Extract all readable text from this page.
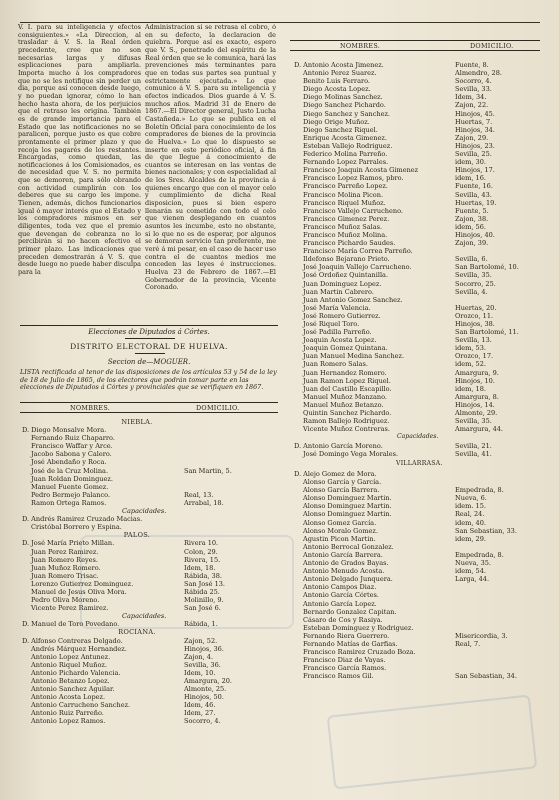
V. I. para su inteligencia y efectos consiguientes.» «La Direccion, al trasladar á V. S. la Real órden precedente, cree que no son necesarias largas y difusas esplicaciones para ampliarla. Importa mucho á los compradores que no se les notifique sin perder un dia, porque así conocen desde luego, y no puedan ignorar, cómo lo han hecho hasta ahora, de los perjuicios que el retraso les origina. También es de grande importancia para el Estado que las notificaciones no se paralicen, porque justo es que cobre prontamente el primer plazo y que recoja los pagarés de los restantes. Encargadas, como quedan, las notificaciones á los Comisionados, es de necesidad que V. S. no permita que se demoren, para sólo obrando con actividad cumplirán con los deberes que su cargo les impone. Tienen, además, dichos funcionarios igual ó mayor interés que el Estado y los compradores mismos en ser diligentes, toda vez que el premio que devengan de cobranza no lo percibirán si no hacen efectivo el primer plazo. Las indicaciones que preceden demostrarán á V. S. que desde luego no puede haber disculpa para la

Administracion si se retrasa el cobro, ó en su defecto, la declaracion de quiebra. Porque así es exacto, espero que V. S., penetrado del espíritu de la Real órden que se le comunica, hará las prevenciones más terminantes para que en todas sus partes sea puntual y estrictamente ejecutada.» Lo que comunico á V. S. para su inteligencia y efectos indicados. Dios guarde á V. S. muchos años. Madrid 31 de Enero de 1867.—El Director general, Justo Lucha Castañeda.» Lo que se publica en el Boletín Oficial para conocimiento de los compradores de bienes de la provincia de Huelva.» Lo que lo dispuesto se inserte en este periódico oficial, á fin de que llegue á conocimiento de cuantos se interesan en las ventas de bienes nacionales; y con especialidad al de los Sres. Alcaldes de la provincia á quienes encargo que con el mayor celo y cumplimiento de dicha Real disposicion, pues si bien espero llenarán su cometido con todo el celo que vienen desplegando en cuantos asuntos les incumbe, esto no obstante, si lo que no es de esperar, por algunos se demoran servicio tan preferente, me veré á mi pesar, en el caso de hacer uso contra el de cuantos medios me conceden las leyes é instrucciones. Huelva 23 de Febrero de 1867.—El Gobernador de la provincia, Vicente Coronado.

Elecciones de Diputados á Córtes.
DISTRITO ELECTORAL DE HUELVA.
Seccion de—MOGUER.
LISTA rectificada al tenor de las disposiciones de los artículos 53 y 54 de la ley de 18 de Julio de 1865, de los electores que podrán tomar parte en las elecciones de Diputados á Córtes y provinciales que se verifiquen en 1867.
NOMBRES.	DOMICILIO.
NIEBLA.
D. Diego Monsalve Mora.
Fernando Ruiz Chaparro.
Francisco Waffar y Arce.
Jacobo Sabona y Calero.
José Abendaño y Roca.
José de la Cruz Molina.
Juan Roldan Dominguez.
Manuel Fuente Gomez.
Pedro Bermejo Palanco.
Ramon Ortega Ramos.
Capacidades.
D. Andrés Ramirez Cruzado Macias.
Cristóbal Borrero y Espina.
PALOS.
D. José María Prieto Millan.
Juan Perez Ramirez.
Juan Romero Reyes.
Juan Muñoz Romero.
Juan Romero Trisac.
Lorenzo Gutierrez Dominguez.
Manuel de Jesus Oliva Mora.
Pedro Oliva Moreno.
Vicente Perez Ramirez.
Capacidades.
D. Manuel de Toro Povedano.
ROCIANA.
D. Alfonso Contreras Delgado.
Andrés Márquez Hernandez.
Antonio Lopez Antunez.
Antonio Riquel Muñoz.
Antonio Pichardo Valencia.
Antonio Betanzo Lopez.
Antonio Sanchez Aguilar.
Antonio Acosta Lopez.
Antonio Carrucheno Sanchez.
Antonio Ruiz Parreño.
Antonio Lopez Ramos.

San Martin, 5.

Real, 13.
Arrabal, 18.

Rivera 10.
Colon, 29.
Rivera, 15.
Idem, 18.
Rábida, 38.
San José 13.
Rábida 25.
Molinillo, 9.
San José 6.

Rábida, 1.

Zajon, 52.
Hinojos, 36.
Zajon, 4.
Sevilla, 36.
Idem, 10.
Amargura, 20.
Almonte, 25.
Hinojos, 50.
Idem, 46.
Idem, 27.
Socorro, 4.
NOMBRES.	DOMICILIO.
D. Antonio Acosta Jimenez.
Antonio Perez Suarez.
Benito Luis Ferraro.
Diego Acosta Lopez.
Diego Molinas Sanchez.
Diego Sanchez Pichardo.
Diego Sanchez y Sanchez.
Diego Orige Muñoz.
Diego Sanchez Riquel.
Enrique Acosta Gimenez.
Esteban Vallejo Rodriguez.
Federico Molina Parreño.
Fernando Lopez Parrales.
Francisco Joaquin Acosta Gimenez
Francisco Lopez Ramos, pbro.
Francisco Parreño Lopez.
Francisco Molina Picon.
Francisco Riquel Muñoz.
Francisco Vallejo Carrucheno.
Francisco Gimenez Perez.
Francisco Muñoz Salas.
Francisco Muñoz Molina.
Francisco Pichardo Saudes.
Francisco María Correa Parreño.
Ildefonso Bejarano Prieto.
José Joaquin Vallejo Carrucheno.
José Ordoñez Quintanilla.
Juan Dominguez Lopez.
Juan Martin Cabrero.
Juan Antonio Gomez Sanchez.
José María Valencia.
José Romero Gutierrez.
José Riquel Toro.
José Padilla Parreño.
Joaquin Acosta Lopez.
Joaquin Gomez Quintana.
Juan Manuel Medina Sanchez.
Juan Romero Salas.
Juan Hernandez Romero.
Juan Ramon Lopez Riquel.
Juan del Castillo Escapillo.
Manuel Muñoz Manzano.
Manuel Muñoz Betanzo.
Quintin Sanchez Pichardo.
Ramon Ballejo Rodriguez.
Vicente Muñoz Contreras.
Fuente, 8.
Almendro, 28.
Socorro, 4.
Sevilla, 33.
Idem, 34.
Zajon, 22.
Hinojos, 45.
Huertas, 7.
Hinojos, 34.
Zajon, 29.
Hinojos, 23.
Sevilla, 25.
idem, 30.
Hinojos, 17.
idem, 16.
Fuente, 16.
Sevilla, 43.
Huertas, 19.
Fuente, 5.
Zajon, 38.
idem, 56.
Hinojos, 40.
Zajon, 39.

Sevilla, 6.
San Bartolomé, 10.
Sevilla, 35.
Socorro, 25.
Sevilla, 4.

Huertas, 20.
Orozco, 11.
Hinojos, 38.
San Bartolomé, 11.
Sevilla, 13.
idem, 53.
Orozco, 17.
idem, 52.
Amargura, 9.
Hinojos, 10.
idem, 18.
Amargura, 8.
Hinojos, 14.
Almonte, 29.
Sevilla, 35.
Amargura, 44.
Capacidades.
D. Antonio García Moreno.
José Domingo Vega Morales.
Sevilla, 21.
Sevilla, 41.
VILLARRASA.
D. Alejo Gomez de Mora.
Alonso García y García.
Alonso García Barrera.
Alonso Dominguez Martin.
Alonso Dominguez Martin.
Alonso Dominguez Martin.
Alonso Gomez García.
Alonso Moralo Gomez.
Agustin Picon Martin.
Antonio Berrocal Gonzalez.
Antonio García Barrera.
Antonio de Grados Bayas.
Antonio Menudo Acosta.
Antonio Delgado Junquera.
Antonio Campos Diaz.
Antonio García Córtes.
Antonio García Lopez.
Bernardo Gonzalez Capitan.
Cásaro de Cos y Rasiya.
Esteban Dominguez y Rodriguez.
Fernando Riera Guerrero.
Fernando Matías de Garfias.
Francisco Ramirez Cruzado Boza.
Francisco Diaz de Vayas.
Francisco García Ramos.
Francisco Ramos Gil.

Empedrada, 8.
Nueva, 6.
idem. 15.
Real, 24.
idem, 40.
San Sebastian, 33.
idem, 29.

Empedrada, 8.
Nueva, 35.
idem, 54.
Larga, 44.

Misericordia, 3.
Real, 7.

San Sebastian, 34.
